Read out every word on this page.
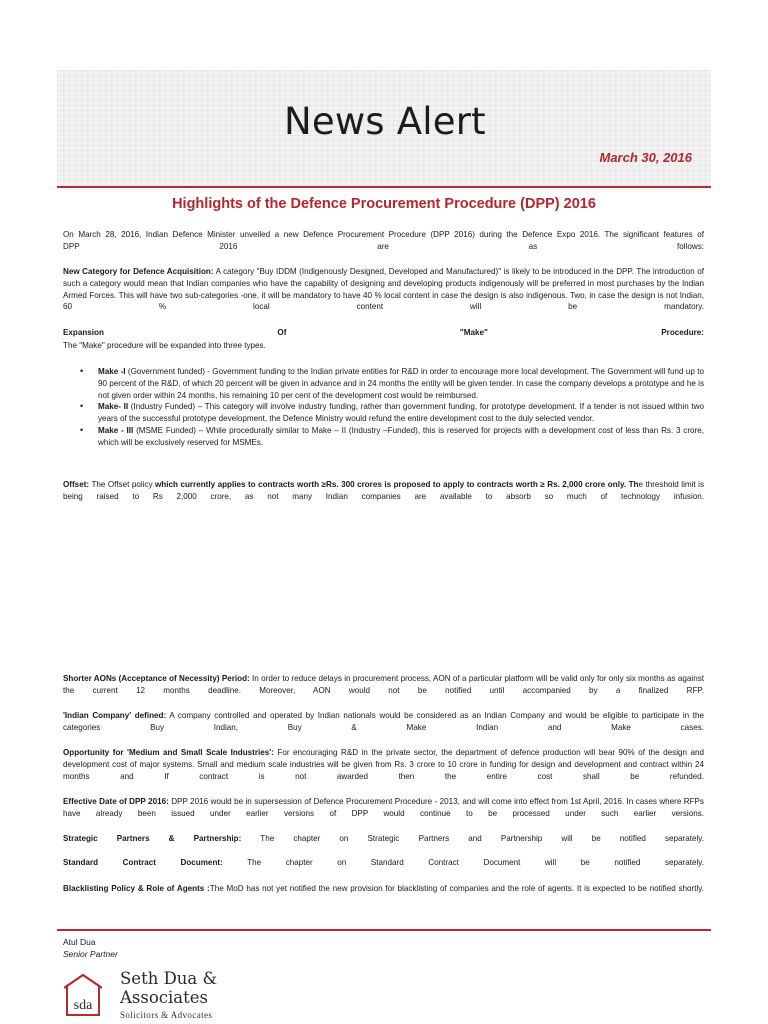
News Alert
March 30, 2016
Highlights of the Defence Procurement Procedure (DPP) 2016
On March 28, 2016, Indian Defence Minister unveiled a new Defence Procurement Procedure (DPP 2016) during the Defence Expo 2016. The significant features of
DPP	2016	are	as	follows:
New Category for Defence Acquisition: A category "Buy IDDM (Indigenously Designed, Developed and Manufactured)" is likely to be introduced in the DPP. The introduction of such a category would mean that Indian companies who have the capability of designing and developing products indigenously will be preferred in most purchases by the Indian Armed Forces. This will have two sub-categories -one, it will be mandatory to have 40 % local content in case the design is also indigenous. Two, in case the design is not Indian, 60 % local content will be mandatory.
Expansion	Of	"Make"	Procedure:
The "Make" procedure will be expanded into three types.
• Make -I (Government funded) - Government funding to the Indian private entities for R&D in order to encourage more local development. The Government will fund up to 90 percent of the R&D, of which 20 percent will be given in advance and in 24 months the entity will be given tender. In case the company develops a prototype and he is not given order within 24 months, his remaining 10 per cent of the development cost would be reimbursed.
• Make- II (Industry Funded) – This category will involve industry funding, rather than government funding, for prototype development. If a tender is not issued within two years of the successful prototype development, the Defence Ministry would refund the entire development cost to the duly selected vendor.
• Make - III (MSME Funded) – While procedurally similar to Make – II (Industry –Funded), this is reserved for projects with a development cost of less than Rs. 3 crore, which will be exclusively reserved for MSMEs.
Offset: The Offset policy which currently applies to contracts worth ≥Rs. 300 crores is proposed to apply to contracts worth ≥ Rs. 2,000 crore only. The threshold limit is being raised to Rs 2,000 crore, as not many Indian companies are available to absorb so much of technology infusion.
Shorter AONs (Acceptance of Necessity) Period: In order to reduce delays in procurement process, AON of a particular platform will be valid only for only six months as against the current 12 months deadline. Moreover, AON would not be notified until accompanied by a finalized RFP.
'Indian Company' defined: A company controlled and operated by Indian nationals would be considered as an Indian Company and would be eligible to participate in the categories Buy Indian, Buy & Make Indian and Make cases.
Opportunity for 'Medium and Small Scale Industries': For encouraging R&D in the private sector, the department of defence production will bear 90% of the design and development cost of major systems. Small and medium scale industries will be given from Rs. 3 crore to 10 crore in funding for design and development and contract within 24 months and If contract is not awarded then the entire cost shall be refunded.
Effective Date of DPP 2016: DPP 2016 would be in supersession of Defence Procurement Procedure - 2013, and will come into effect from 1st April, 2016. In cases where RFPs have already been issued under earlier versions of DPP would continue to be processed under such earlier versions.
Strategic Partners & Partnership: The chapter on Strategic Partners and Partnership will be notified separately.
Standard Contract Document: The chapter on Standard Contract Document will be notified separately.
Blacklisting Policy & Role of Agents :The MoD has not yet notified the new provision for blacklisting of companies and the role of agents. It is expected to be notified shortly.
Atul Dua
Senior Partner
sda
Seth Dua &
Associates
Solicitors & Advocates
